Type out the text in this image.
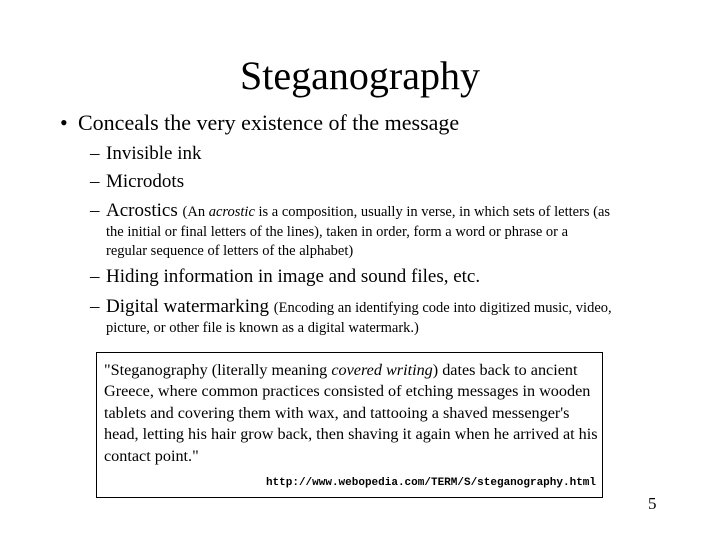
Steganography
• Conceals the very existence of the message
– Invisible ink
– Microdots
– Acrostics (An acrostic is a composition, usually in verse, in which sets of letters (as
the initial or final letters of the lines), taken in order, form a word or phrase or a
regular sequence of letters of the alphabet)
– Hiding information in image and sound files, etc.
– Digital watermarking (Encoding an identifying code into digitized music, video,
picture, or other file is known as a digital watermark.)
"Steganography (literally meaning covered writing) dates back to ancient Greece, where common practices consisted of etching messages in wooden tablets and covering them with wax, and tattooing a shaved messenger's head, letting his hair grow back, then shaving it again when he arrived at his contact point."
http://www.webopedia.com/TERM/S/steganography.html
5
